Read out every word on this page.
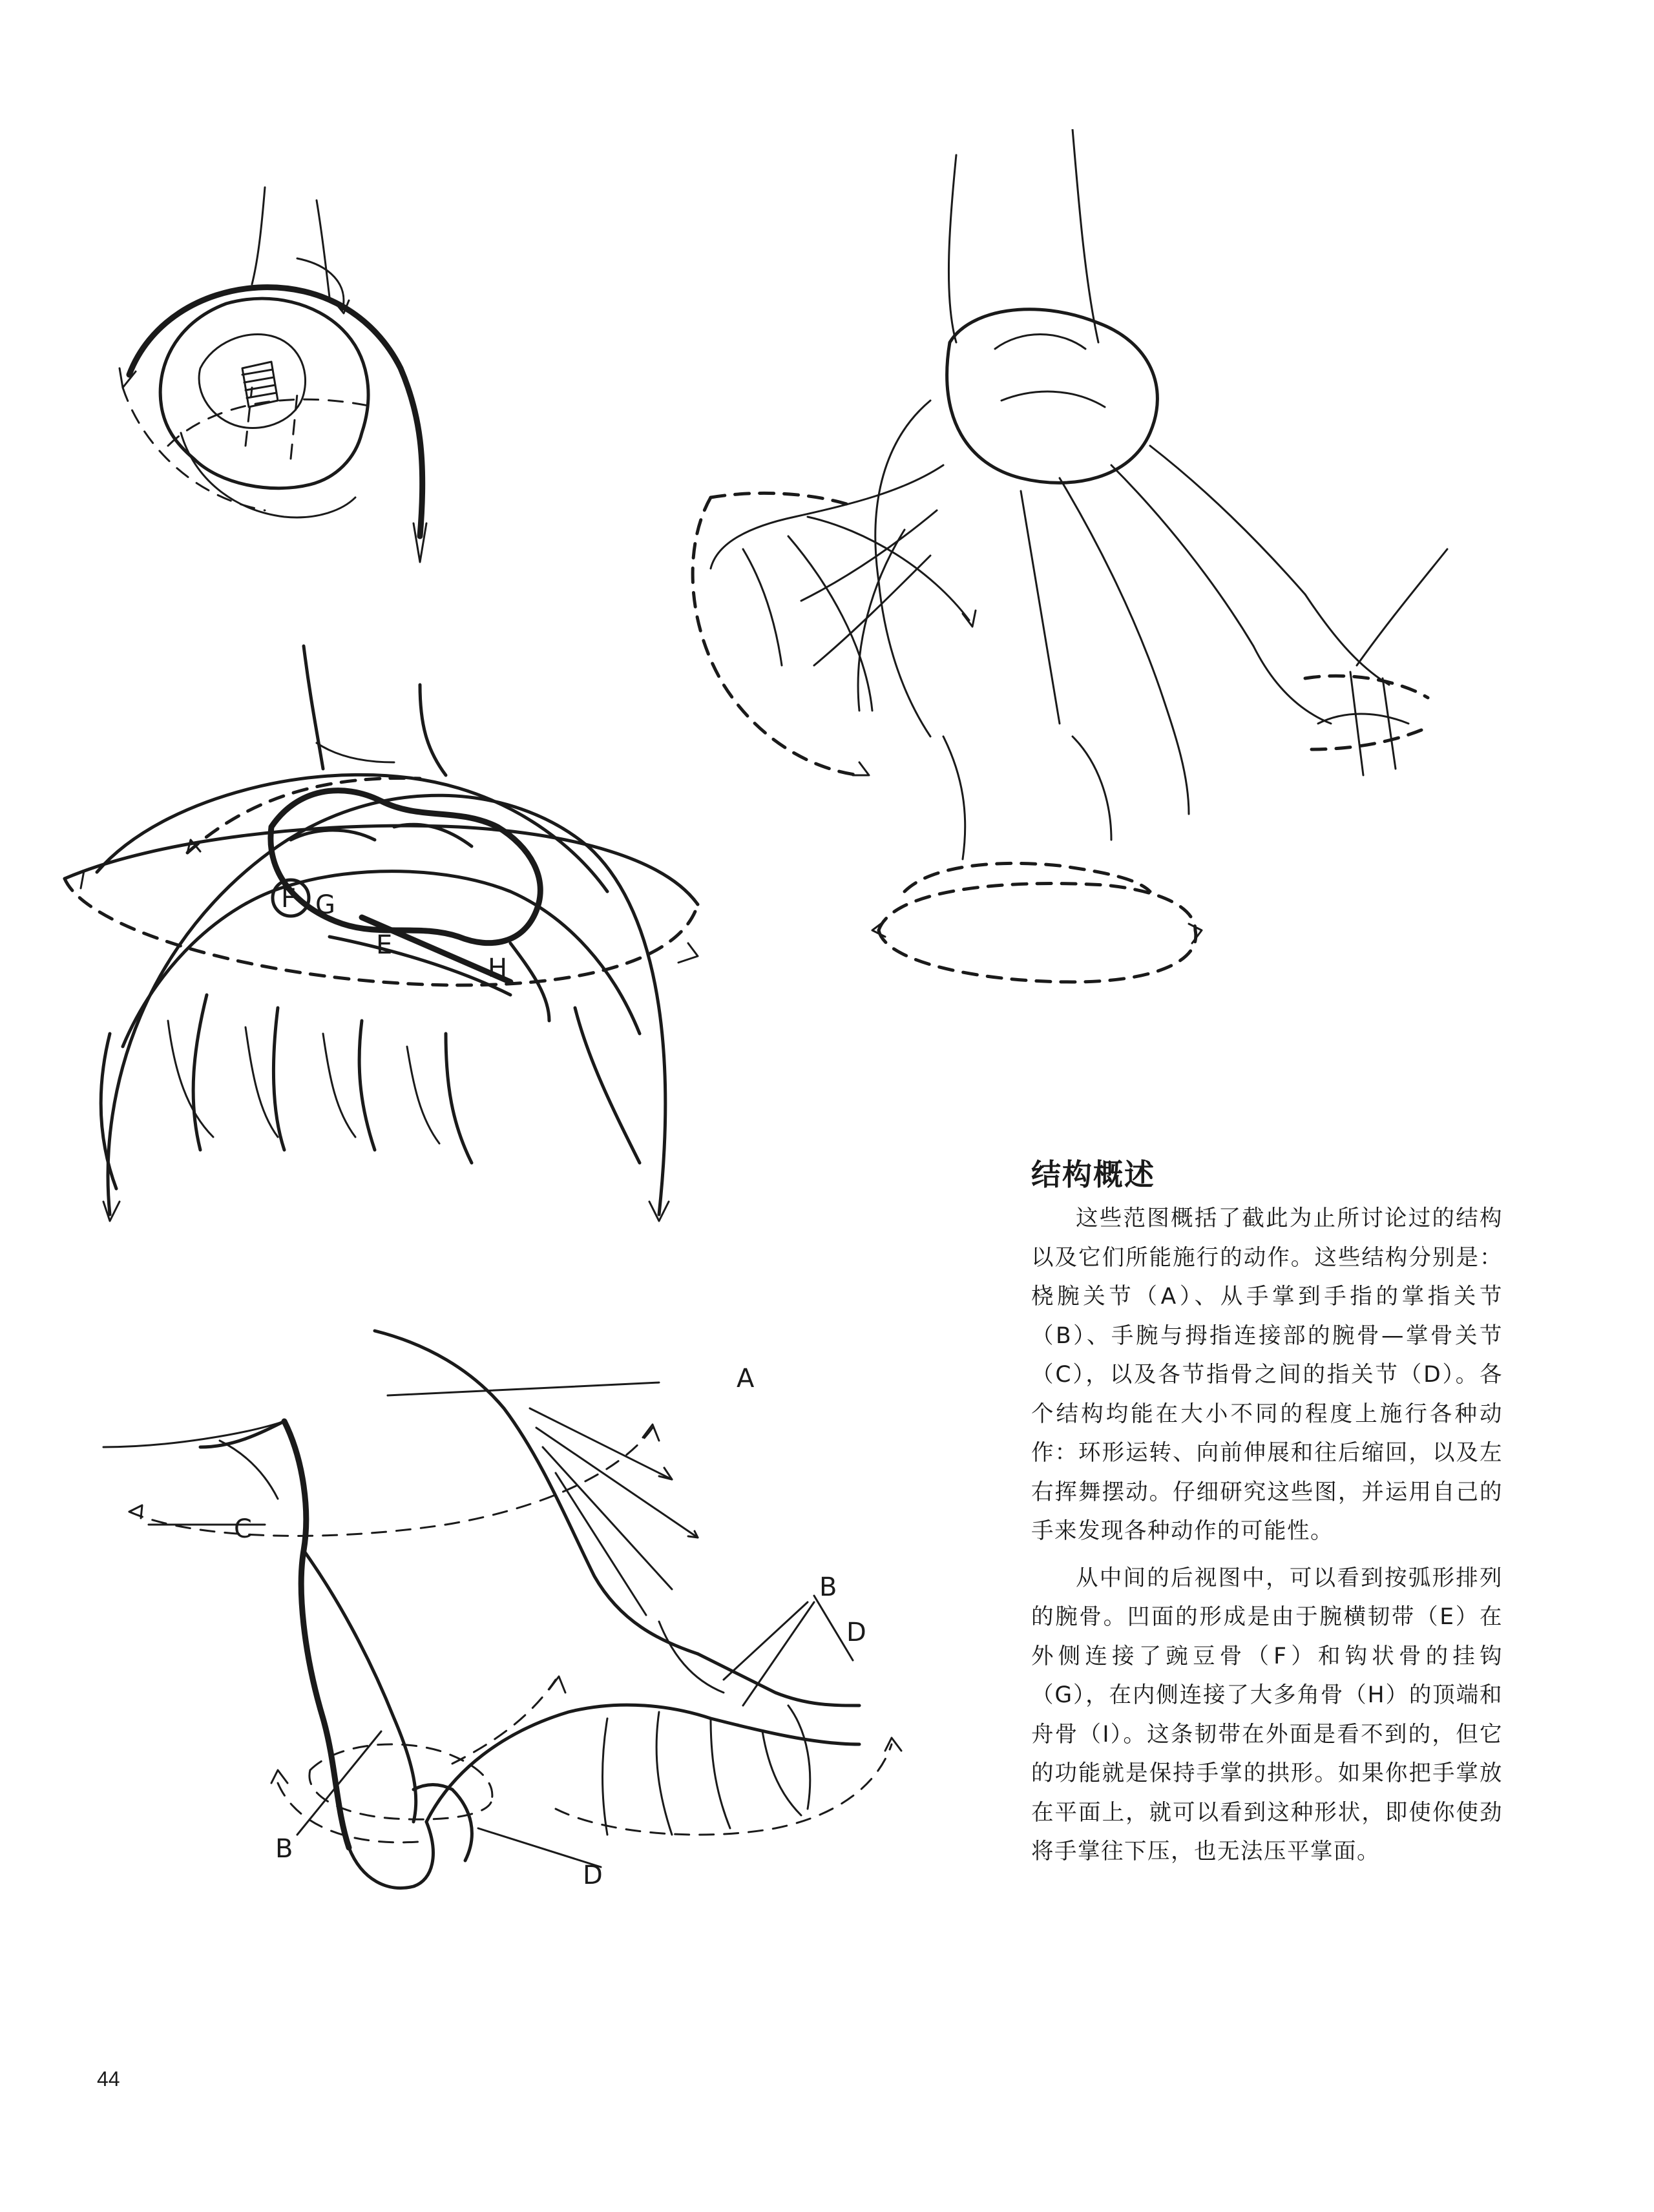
F G
E
H
A
C
B
D
B
D
结构概述

这些范图概括了截此为止所讨论过的结构以及它们所能施行的动作。这些结构分别是：桡腕关节（A）、从手掌到手指的掌指关节（B）、手腕与拇指连接部的腕骨—掌骨关节（C），以及各节指骨之间的指关节（D）。各个结构均能在大小不同的程度上施行各种动作：环形运转、向前伸展和往后缩回，以及左右挥舞摆动。仔细研究这些图，并运用自己的手来发现各种动作的可能性。

从中间的后视图中，可以看到按弧形排列的腕骨。凹面的形成是由于腕横韧带（E）在外侧连接了豌豆骨（F）和钩状骨的挂钩（G），在内侧连接了大多角骨（H）的顶端和舟骨（I）。这条韧带在外面是看不到的，但它的功能就是保持手掌的拱形。如果你把手掌放在平面上，就可以看到这种形状，即使你使劲将手掌往下压，也无法压平掌面。

44
